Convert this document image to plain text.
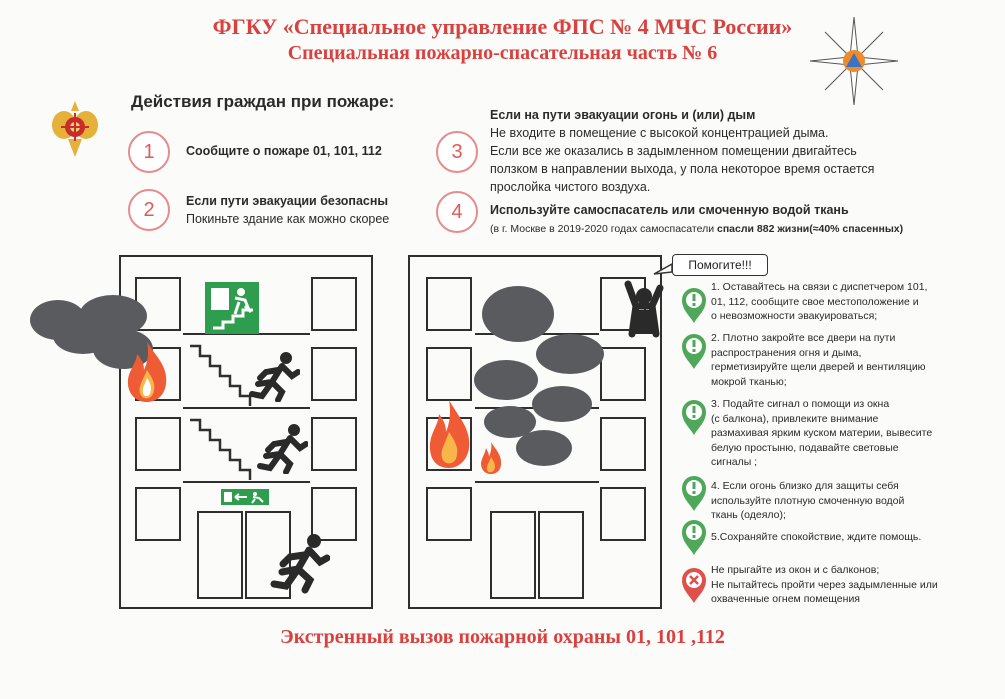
ФГКУ «Специальное управление ФПС № 4 МЧС России»
Специальная пожарно-спасательная часть № 6
Действия граждан при пожаре:
1	Сообщите о пожаре 01, 101, 112
2	Если пути эвакуации безопасны
Покиньте здание как можно скорее
3
Если на пути эвакуации огонь и (или) дым
Не входите в помещение с высокой концентрацией дыма.
Если все же оказались в задымленном помещении двигайтесь
ползком в направлении выхода, у пола некоторое время остается
прослойка чистого воздуха.
4	Используйте самоспасатель или смоченную водой ткань
(в г. Москве в 2019-2020 годах самоспасатели спасли 882 жизни(≈40% спасенных)
Помогите!!!
1. Оставайтесь на связи с диспетчером 101,
01, 112, сообщите свое местоположение и
о невозможности эвакуироваться;
2. Плотно закройте все двери на пути
распространения огня и дыма,
герметизируйте щели дверей и вентиляцию
мокрой тканью;
3. Подайте сигнал о помощи из окна
(с балкона), привлеките внимание
размахивая ярким куском материи, вывесите
белую простыню, подавайте световые
сигналы ;
4. Если огонь близко для защиты себя
используйте плотную смоченную водой
ткань (одеяло);
5.Сохраняйте спокойствие, ждите помощь.
Не прыгайте из окон и с балконов;
Не пытайтесь пройти через задымленные или
охваченные огнем помещения
Экстренный вызов пожарной охраны 01, 101 ,112
